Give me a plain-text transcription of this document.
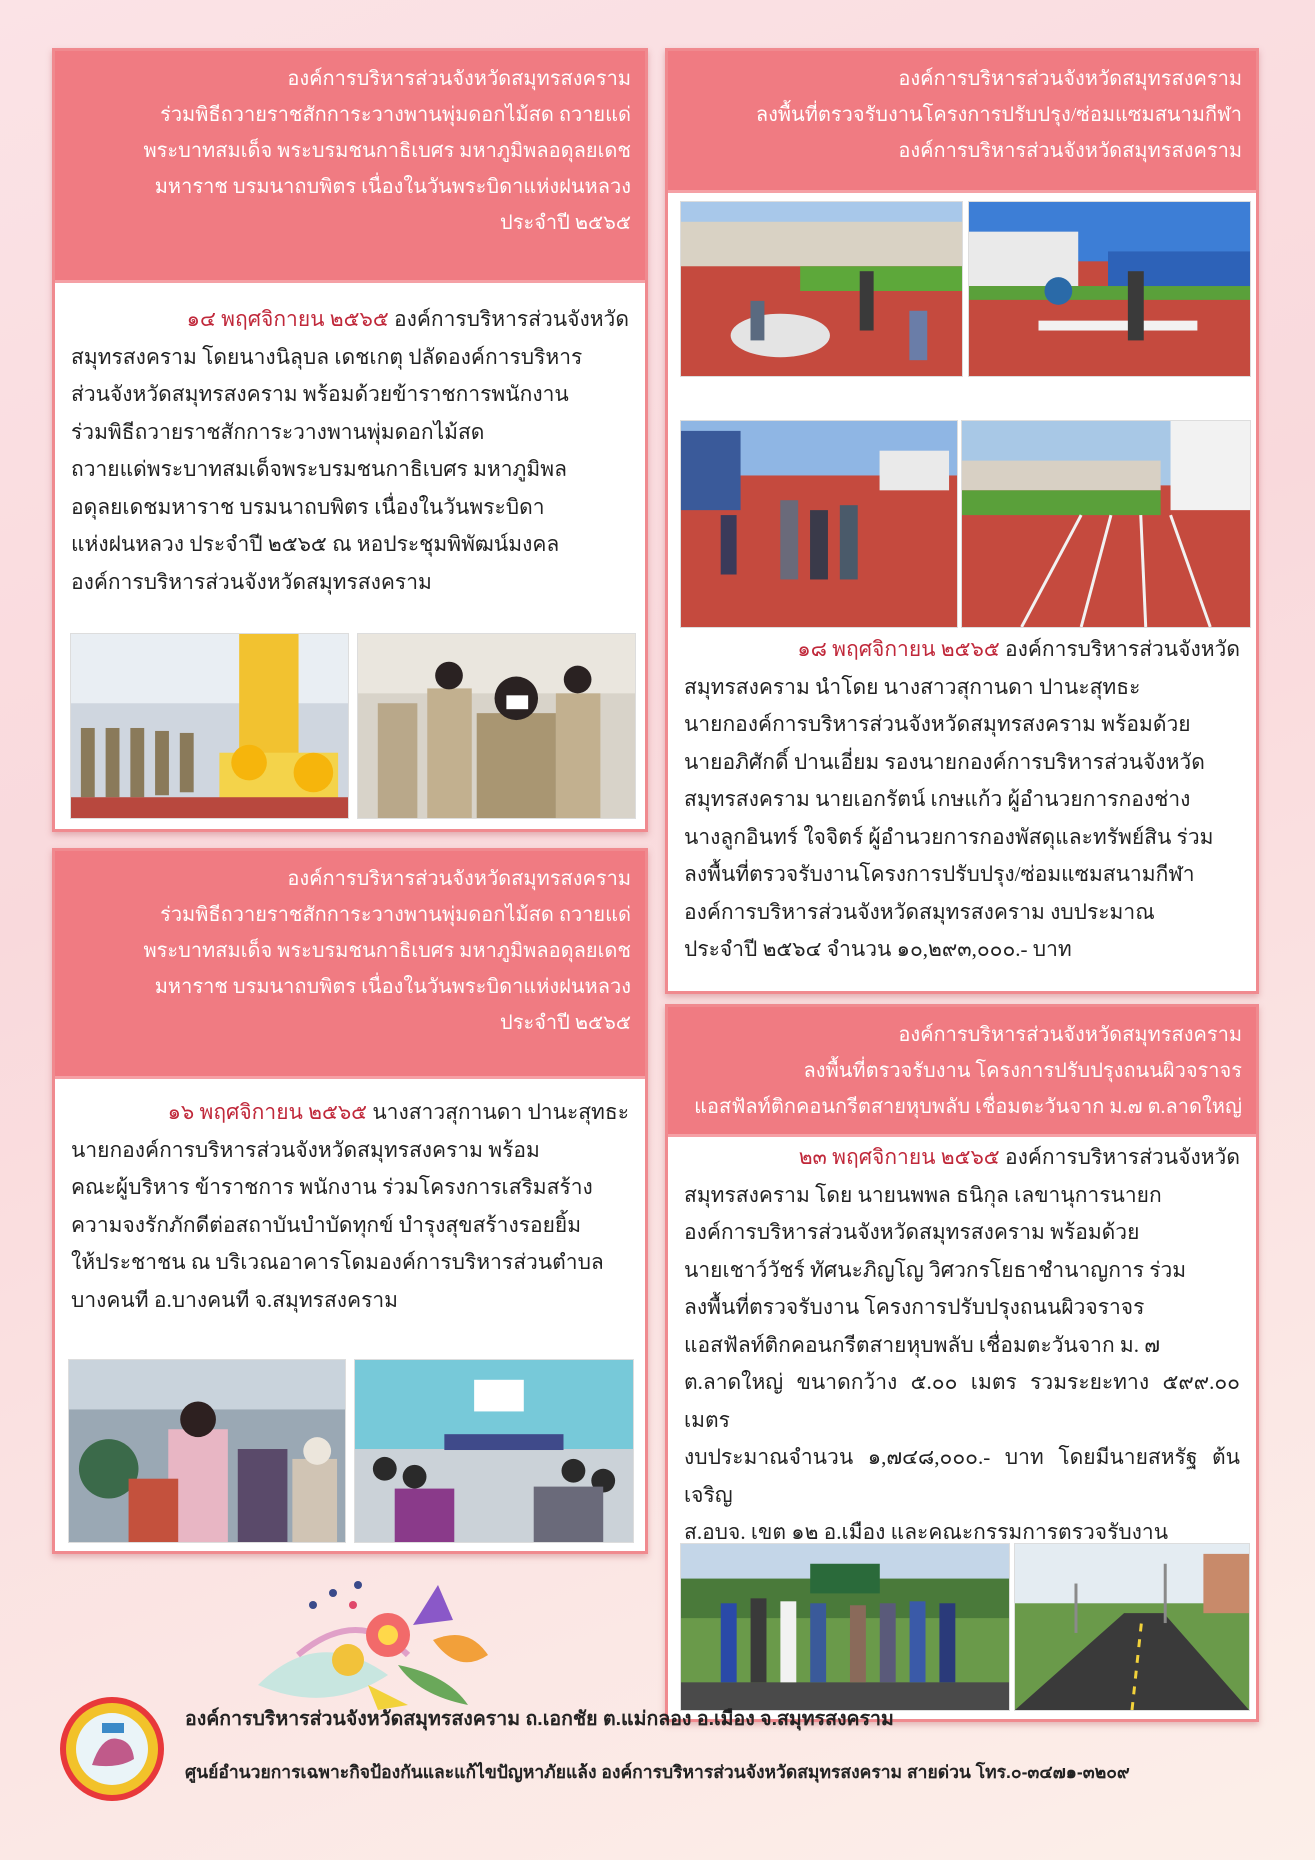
องค์การบริหารส่วนจังหวัดสมุทรสงคราม
ร่วมพิธีถวายราชสักการะวางพานพุ่มดอกไม้สด ถวายแด่
พระบาทสมเด็จ พระบรมชนกาธิเบศร มหาภูมิพลอดุลยเดช
มหาราช บรมนาถบพิตร เนื่องในวันพระบิดาแห่งฝนหลวง
ประจำปี ๒๕๖๕
๑๔ พฤศจิกายน ๒๕๖๕ องค์การบริหารส่วนจังหวัด
สมุทรสงคราม โดยนางนิลุบล เดชเกตุ ปลัดองค์การบริหาร
ส่วนจังหวัดสมุทรสงคราม พร้อมด้วยข้าราชการพนักงาน
ร่วมพิธีถวายราชสักการะวางพานพุ่มดอกไม้สด
ถวายแด่พระบาทสมเด็จพระบรมชนกาธิเบศร มหาภูมิพล
อดุลยเดชมหาราช บรมนาถบพิตร เนื่องในวันพระบิดา
แห่งฝนหลวง ประจำปี ๒๕๖๕ ณ หอประชุมพิพัฒน์มงคล
องค์การบริหารส่วนจังหวัดสมุทรสงคราม
องค์การบริหารส่วนจังหวัดสมุทรสงคราม
ร่วมพิธีถวายราชสักการะวางพานพุ่มดอกไม้สด ถวายแด่
พระบาทสมเด็จ พระบรมชนกาธิเบศร มหาภูมิพลอดุลยเดช
มหาราช บรมนาถบพิตร เนื่องในวันพระบิดาแห่งฝนหลวง
ประจำปี ๒๕๖๕
๑๖ พฤศจิกายน ๒๕๖๕ นางสาวสุกานดา ปานะสุทธะ
นายกองค์การบริหารส่วนจังหวัดสมุทรสงคราม พร้อม
คณะผู้บริหาร ข้าราชการ พนักงาน ร่วมโครงการเสริมสร้าง
ความจงรักภักดีต่อสถาบันบำบัดทุกข์ บำรุงสุขสร้างรอยยิ้ม
ให้ประชาชน ณ บริเวณอาคารโดมองค์การบริหารส่วนตำบล
บางคนที อ.บางคนที จ.สมุทรสงคราม
องค์การบริหารส่วนจังหวัดสมุทรสงคราม
ลงพื้นที่ตรวจรับงานโครงการปรับปรุง/ซ่อมแซมสนามกีฬา
องค์การบริหารส่วนจังหวัดสมุทรสงคราม
๑๘ พฤศจิกายน ๒๕๖๕ องค์การบริหารส่วนจังหวัด
สมุทรสงคราม นำโดย นางสาวสุกานดา ปานะสุทธะ
นายกองค์การบริหารส่วนจังหวัดสมุทรสงคราม พร้อมด้วย
นายอภิศักดิ์ ปานเอี่ยม รองนายกองค์การบริหารส่วนจังหวัด
สมุทรสงคราม นายเอกรัตน์ เกษแก้ว ผู้อำนวยการกองช่าง
นางลูกอินทร์ ใจจิตร์ ผู้อำนวยการกองพัสดุและทรัพย์สิน ร่วม
ลงพื้นที่ตรวจรับงานโครงการปรับปรุง/ซ่อมแซมสนามกีฬา
องค์การบริหารส่วนจังหวัดสมุทรสงคราม งบประมาณ
ประจำปี ๒๕๖๔ จำนวน ๑๐,๒๙๓,๐๐๐.- บาท
องค์การบริหารส่วนจังหวัดสมุทรสงคราม
ลงพื้นที่ตรวจรับงาน โครงการปรับปรุงถนนผิวจราจร
แอสฟัลท์ติกคอนกรีตสายหุบพลับ เชื่อมตะวันจาก ม.๗ ต.ลาดใหญ่
๒๓ พฤศจิกายน ๒๕๖๕ องค์การบริหารส่วนจังหวัด
สมุทรสงคราม โดย นายนพพล ธนิกุล เลขานุการนายก
องค์การบริหารส่วนจังหวัดสมุทรสงคราม พร้อมด้วย
นายเชาว์วัชร์ ทัศนะภิญโญ วิศวกรโยธาชำนาญการ ร่วม
ลงพื้นที่ตรวจรับงาน โครงการปรับปรุงถนนผิวจราจร
แอสฟัลท์ติกคอนกรีตสายหุบพลับ เชื่อมตะวันจาก ม. ๗
ต.ลาดใหญ่ ขนาดกว้าง ๕.๐๐ เมตร รวมระยะทาง ๕๙๙.๐๐ เมตร
งบประมาณจำนวน ๑,๗๔๘,๐๐๐.- บาท โดยมีนายสหรัฐ ต้นเจริญ
ส.อบจ. เขต ๑๒ อ.เมือง และคณะกรรมการตรวจรับงาน
องค์การบริหารส่วนจังหวัดสมุทรสงคราม ถ.เอกชัย ต.แม่กลอง อ.เมือง จ.สมุทรสงคราม
ศูนย์อำนวยการเฉพาะกิจป้องกันและแก้ไขปัญหาภัยแล้ง องค์การบริหารส่วนจังหวัดสมุทรสงคราม สายด่วน โทร.๐-๓๔๗๑-๓๒๐๙
